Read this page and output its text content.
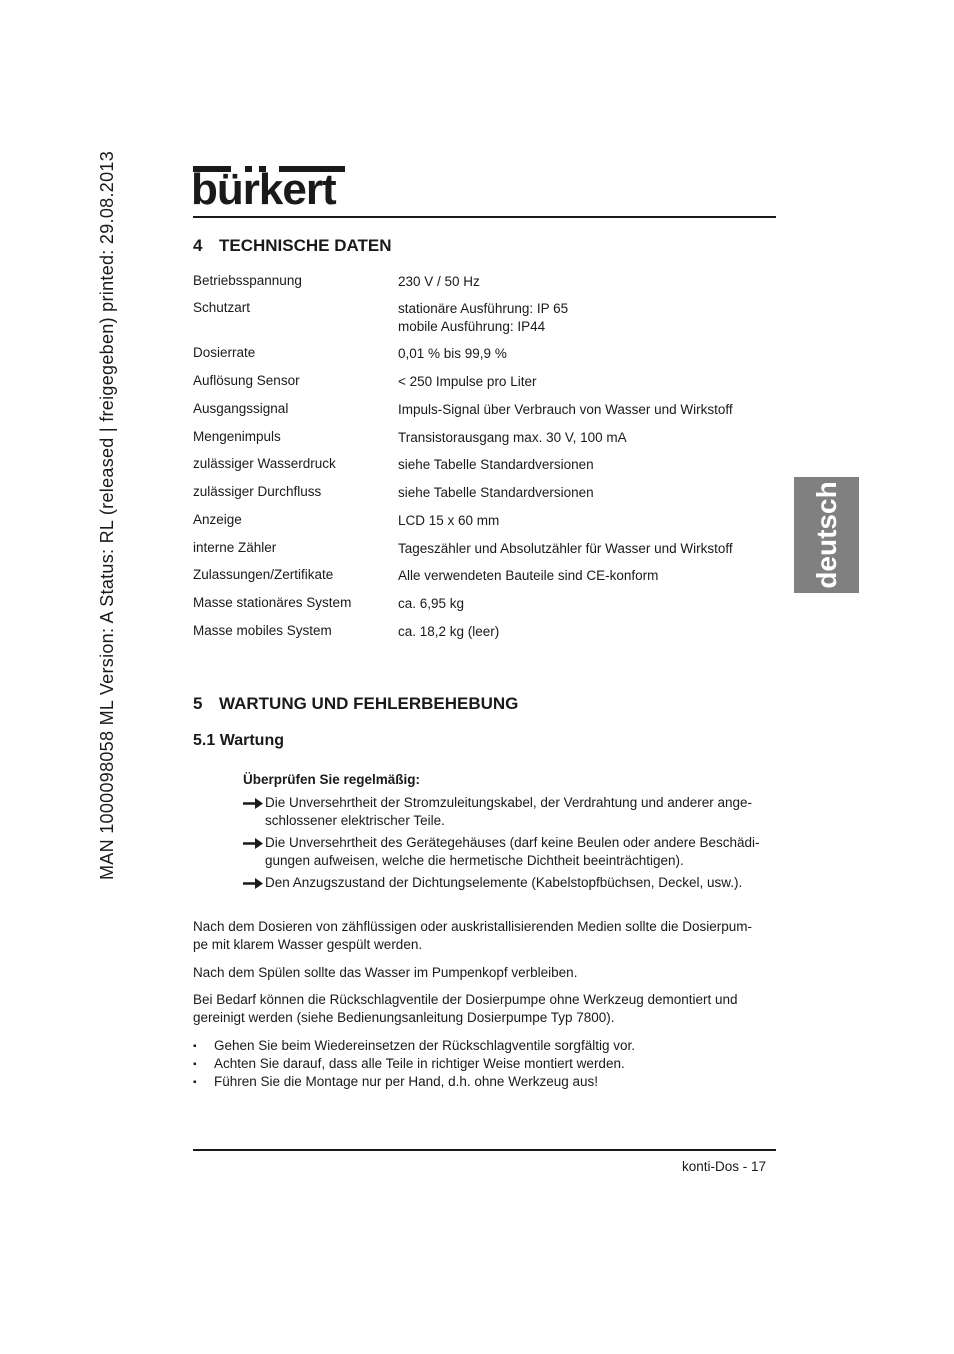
MAN 1000098058 ML Version: A Status: RL (released | freigegeben) printed: 29.08.2013 bürkert
4 TECHNISCHE DATEN
Betriebsspannung	230 V / 50 Hz
Schutzart	stationäre Ausführung: IP 65
mobile Ausführung: IP44
Dosierrate	0,01 % bis 99,9 %
Auflösung Sensor	< 250 Impulse pro Liter
Ausgangssignal	Impuls-Signal über Verbrauch von Wasser und Wirkstoff
Mengenimpuls	Transistorausgang max. 30 V, 100 mA
zulässiger Wasserdruck	siehe Tabelle Standardversionen
zulässiger Durchfluss	siehe Tabelle Standardversionen
Anzeige	LCD 15 x 60 mm
interne Zähler	Tageszähler und Absolutzähler für Wasser und Wirkstoff
Zulassungen/Zertifikate	Alle verwendeten Bauteile sind CE-konform
Masse stationäres System	ca. 6,95 kg
Masse mobiles System	ca. 18,2 kg (leer)
deutsch
5 WARTUNG UND FEHLERBEHEBUNG
5.1 Wartung
Überprüfen Sie regelmäßig:
Die Unversehrtheit der Stromzuleitungskabel, der Verdrahtung und anderer ange-
schlossener elektrischer Teile.
Die Unversehrtheit des Gerätegehäuses (darf keine Beulen oder andere Beschädi-
gungen aufweisen, welche die hermetische Dichtheit beeinträchtigen).
Den Anzugszustand der Dichtungselemente (Kabelstopfbüchsen, Deckel, usw.).
Nach dem Dosieren von zähflüssigen oder auskristallisierenden Medien sollte die Dosierpum-
pe mit klarem Wasser gespült werden.
Nach dem Spülen sollte das Wasser im Pumpenkopf verbleiben.
Bei Bedarf können die Rückschlagventile der Dosierpumpe ohne Werkzeug demontiert und
gereinigt werden (siehe Bedienungsanleitung Dosierpumpe Typ 7800).
▪ Gehen Sie beim Wiedereinsetzen der Rückschlagventile sorgfältig vor.
▪ Achten Sie darauf, dass alle Teile in richtiger Weise montiert werden.
▪ Führen Sie die Montage nur per Hand, d.h. ohne Werkzeug aus!
konti-Dos - 17
